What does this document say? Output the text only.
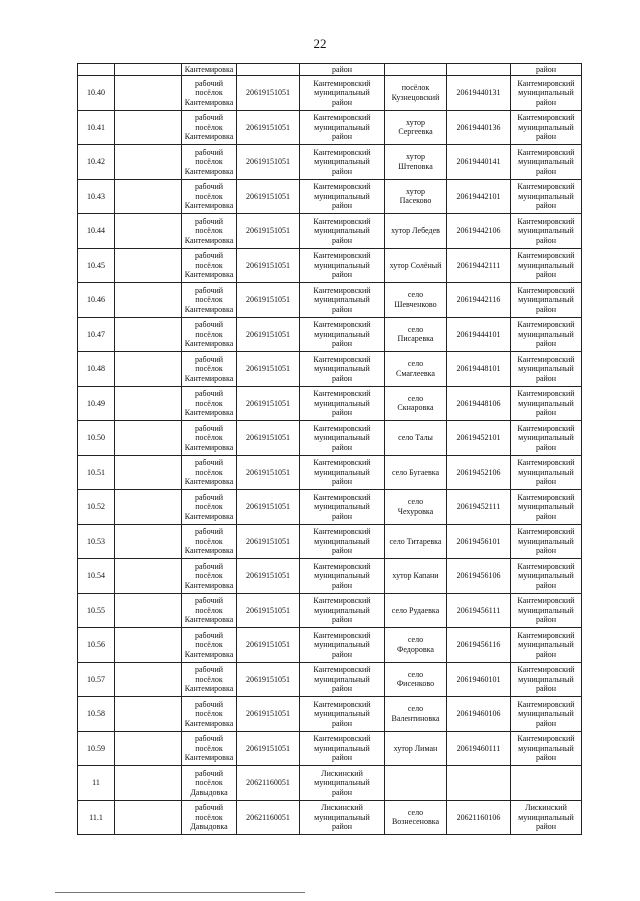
22
		Кантемировка		район			район
10.40		рабочий
посёлок
Кантемировка	20619151051	Кантемировский
муниципальный
район	посёлок
Кузнецовский	20619440131	Кантемировский
муниципальный
район
10.41		рабочий
посёлок
Кантемировка	20619151051	Кантемировский
муниципальный
район	хутор
Сергеевка	20619440136	Кантемировский
муниципальный
район
10.42		рабочий
посёлок
Кантемировка	20619151051	Кантемировский
муниципальный
район	хутор
Штеповка	20619440141	Кантемировский
муниципальный
район
10.43		рабочий
посёлок
Кантемировка	20619151051	Кантемировский
муниципальный
район	хутор
Пасеково	20619442101	Кантемировский
муниципальный
район
10.44		рабочий
посёлок
Кантемировка	20619151051	Кантемировский
муниципальный
район	хутор Лебедев	20619442106	Кантемировский
муниципальный
район
10.45		рабочий
посёлок
Кантемировка	20619151051	Кантемировский
муниципальный
район	хутор Солёный	20619442111	Кантемировский
муниципальный
район
10.46		рабочий
посёлок
Кантемировка	20619151051	Кантемировский
муниципальный
район	село
Шевченково	20619442116	Кантемировский
муниципальный
район
10.47		рабочий
посёлок
Кантемировка	20619151051	Кантемировский
муниципальный
район	село
Писаревка	20619444101	Кантемировский
муниципальный
район
10.48		рабочий
посёлок
Кантемировка	20619151051	Кантемировский
муниципальный
район	село
Смаглеевка	20619448101	Кантемировский
муниципальный
район
10.49		рабочий
посёлок
Кантемировка	20619151051	Кантемировский
муниципальный
район	село
Скнаровка	20619448106	Кантемировский
муниципальный
район
10.50		рабочий
посёлок
Кантемировка	20619151051	Кантемировский
муниципальный
район	село Талы	20619452101	Кантемировский
муниципальный
район
10.51		рабочий
посёлок
Кантемировка	20619151051	Кантемировский
муниципальный
район	село Бугаевка	20619452106	Кантемировский
муниципальный
район
10.52		рабочий
посёлок
Кантемировка	20619151051	Кантемировский
муниципальный
район	село
Чехуровка	20619452111	Кантемировский
муниципальный
район
10.53		рабочий
посёлок
Кантемировка	20619151051	Кантемировский
муниципальный
район	село Титаревка	20619456101	Кантемировский
муниципальный
район
10.54		рабочий
посёлок
Кантемировка	20619151051	Кантемировский
муниципальный
район	хутор Капани	20619456106	Кантемировский
муниципальный
район
10.55		рабочий
посёлок
Кантемировка	20619151051	Кантемировский
муниципальный
район	село Рудаевка	20619456111	Кантемировский
муниципальный
район
10.56		рабочий
посёлок
Кантемировка	20619151051	Кантемировский
муниципальный
район	село
Федоровка	20619456116	Кантемировский
муниципальный
район
10.57		рабочий
посёлок
Кантемировка	20619151051	Кантемировский
муниципальный
район	село
Фисенково	20619460101	Кантемировский
муниципальный
район
10.58		рабочий
посёлок
Кантемировка	20619151051	Кантемировский
муниципальный
район	село
Валентиновка	20619460106	Кантемировский
муниципальный
район
10.59		рабочий
посёлок
Кантемировка	20619151051	Кантемировский
муниципальный
район	хутор Лиман	20619460111	Кантемировский
муниципальный
район
11		рабочий
посёлок
Давыдовка	20621160051	Лискинский
муниципальный
район			
11.1		рабочий
посёлок
Давыдовка	20621160051	Лискинский
муниципальный
район	село
Вознесеновка	20621160106	Лискинский
муниципальный
район
